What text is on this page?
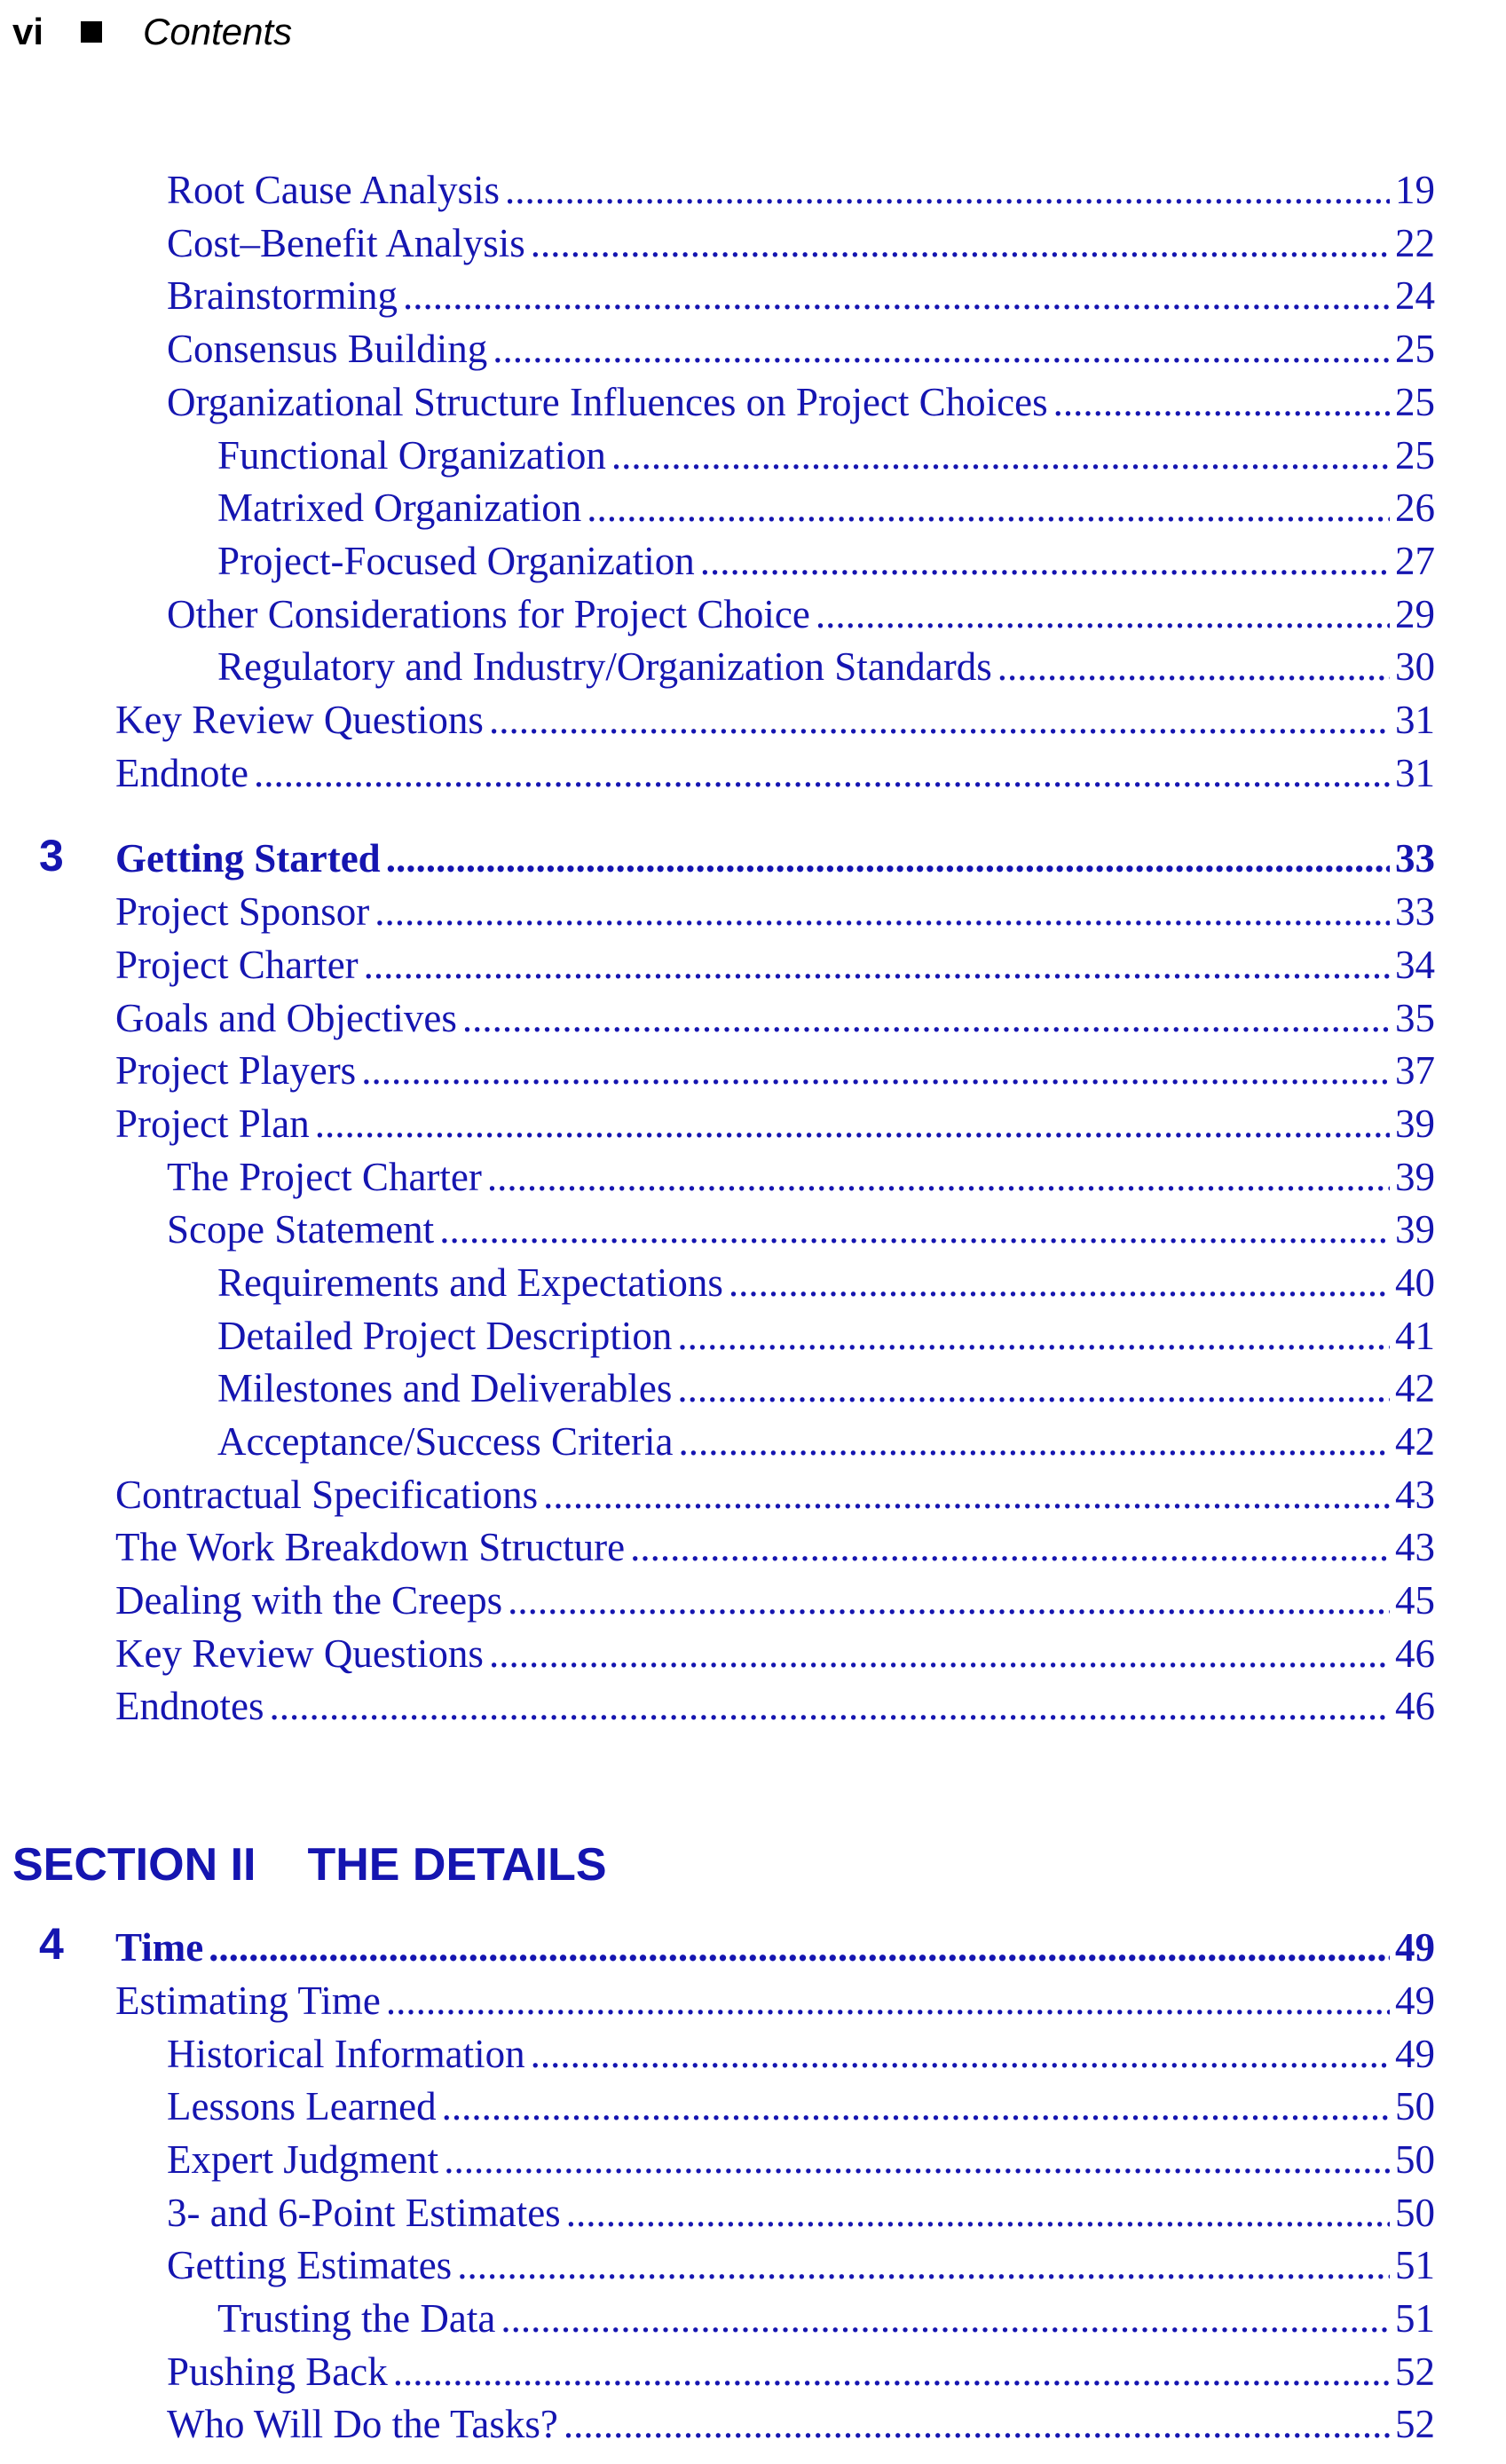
vi	Contents
Root Cause Analysis .....	19
Cost–Benefit Analysis .....	22
Brainstorming .....	24
Consensus Building .....	25
Organizational Structure Influences on Project Choices .....	25
Functional Organization .....	25
Matrixed Organization .....	26
Project-Focused Organization .....	27
Other Considerations for Project Choice .....	29
Regulatory and Industry/Organization Standards .....	30
Key Review Questions .....	31
Endnote .....	31
3 Getting Started .....	33
Project Sponsor .....	33
Project Charter .....	34
Goals and Objectives .....	35
Project Players .....	37
Project Plan .....	39
The Project Charter .....	39
Scope Statement .....	39
Requirements and Expectations .....	40
Detailed Project Description .....	41
Milestones and Deliverables .....	42
Acceptance/Success Criteria .....	42
Contractual Specifications .....	43
The Work Breakdown Structure .....	43
Dealing with the Creeps .....	45
Key Review Questions .....	46
Endnotes .....	46
SECTION II THE DETAILS
4 Time .....	49
Estimating Time .....	49
Historical Information .....	49
Lessons Learned .....	50
Expert Judgment .....	50
3- and 6-Point Estimates .....	50
Getting Estimates .....	51
Trusting the Data .....	51
Pushing Back .....	52
Who Will Do the Tasks? .....	52
